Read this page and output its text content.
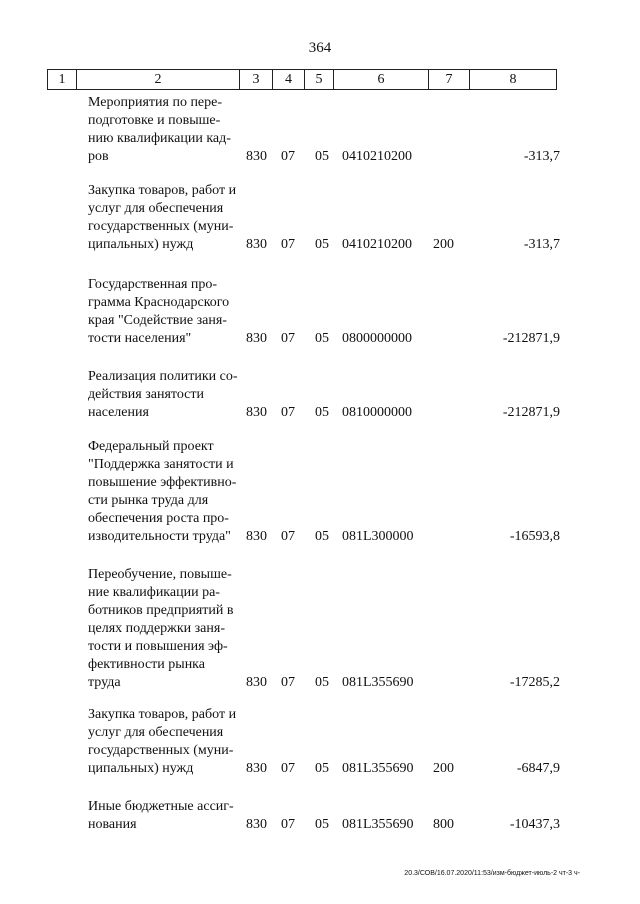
364
1	2	3	4	5	6	7	8
Мероприятия по пере-
подготовке и повыше-
нию квалификации кад-
ров	830 07 05 0410210200	-313,7
Закупка товаров, работ и
услуг для обеспечения
государственных (муни-
ципальных) нужд	830 07 05 0410210200 200	-313,7
Государственная про-
грамма Краснодарского
края "Содействие заня-
тости населения"	830 07 05 0800000000	-212871,9
Реализация политики со-
действия занятости
населения	830 07 05 0810000000	-212871,9
Федеральный проект
"Поддержка занятости и
повышение эффективно-
сти рынка труда для
обеспечения роста про-
изводительности труда"	830 07 05 081L300000	-16593,8
Переобучение, повыше-
ние квалификации ра-
ботников предприятий в
целях поддержки заня-
тости и повышения эф-
фективности рынка
труда	830 07 05 081L355690	-17285,2
Закупка товаров, работ и
услуг для обеспечения
государственных (муни-
ципальных) нужд	830 07 05 081L355690 200	-6847,9
Иные бюджетные ассиг-
нования	830 07 05 081L355690 800	-10437,3
20.3/СОВ/16.07.2020/11:53/изм-бюджет-июль-2 чт-3 ч-
